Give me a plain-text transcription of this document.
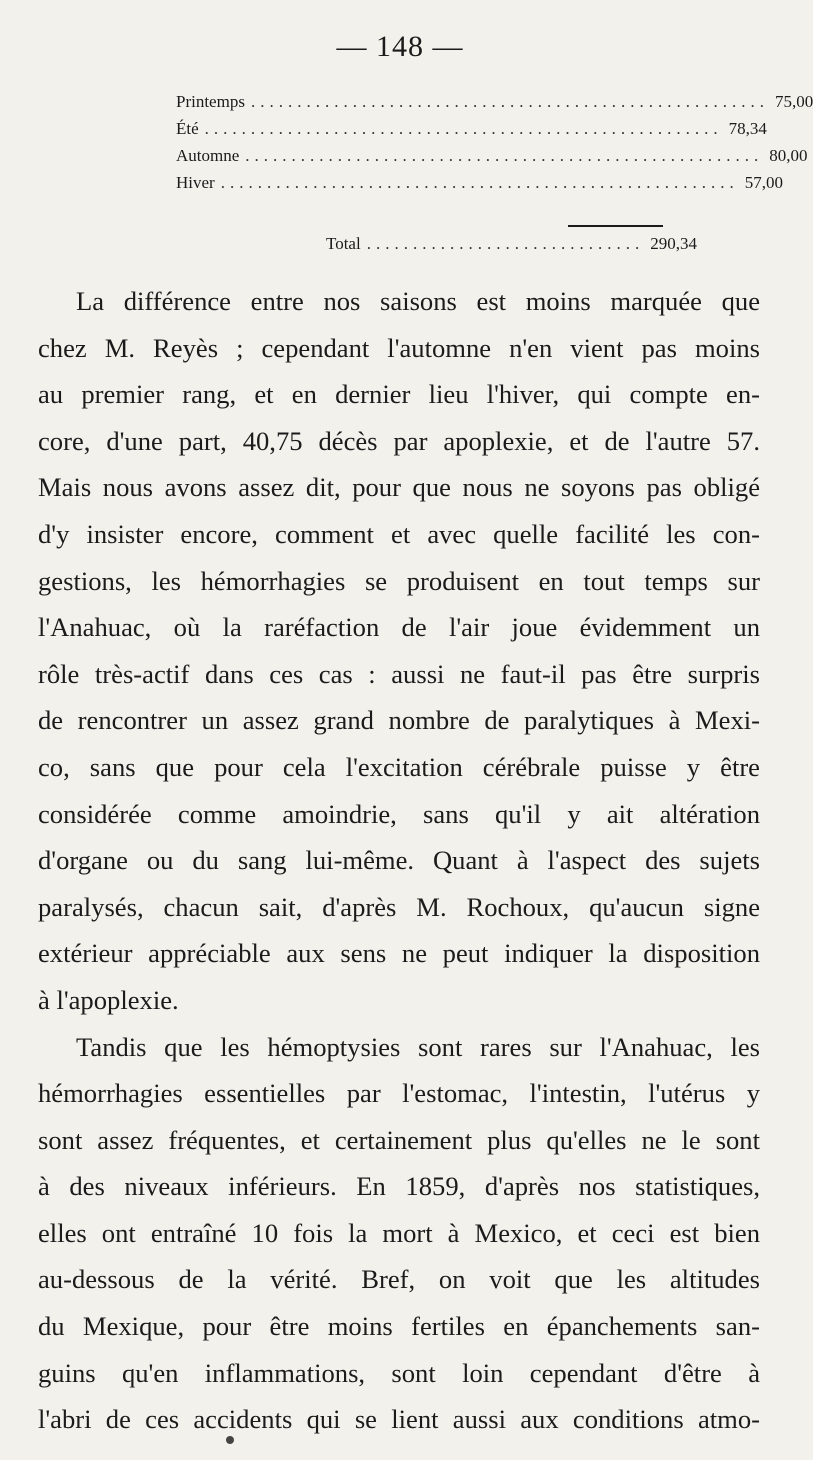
— 148 —
Printemps ........................................................ 75,00
Été ........................................................ 78,34
Automne ........................................................ 80,00
Hiver ........................................................ 57,00
Total .............................. 290,34
La différence entre nos saisons est moins marquée que
chez M. Reyès ; cependant l'automne n'en vient pas moins
au premier rang, et en dernier lieu l'hiver, qui compte en-
core, d'une part, 40,75 décès par apoplexie, et de l'autre 57.
Mais nous avons assez dit, pour que nous ne soyons pas obligé
d'y insister encore, comment et avec quelle facilité les con-
gestions, les hémorrhagies se produisent en tout temps sur
l'Anahuac, où la raréfaction de l'air joue évidemment un
rôle très-actif dans ces cas : aussi ne faut-il pas être surpris
de rencontrer un assez grand nombre de paralytiques à Mexi-
co, sans que pour cela l'excitation cérébrale puisse y être
considérée comme amoindrie, sans qu'il y ait altération
d'organe ou du sang lui-même. Quant à l'aspect des sujets
paralysés, chacun sait, d'après M. Rochoux, qu'aucun signe
extérieur appréciable aux sens ne peut indiquer la disposition
à l'apoplexie.
Tandis que les hémoptysies sont rares sur l'Anahuac, les
hémorrhagies essentielles par l'estomac, l'intestin, l'utérus y
sont assez fréquentes, et certainement plus qu'elles ne le sont
à des niveaux inférieurs. En 1859, d'après nos statistiques,
elles ont entraîné 10 fois la mort à Mexico, et ceci est bien
au-dessous de la vérité. Bref, on voit que les altitudes
du Mexique, pour être moins fertiles en épanchements san-
guins qu'en inflammations, sont loin cependant d'être à
l'abri de ces accidents qui se lient aussi aux conditions atmo-
